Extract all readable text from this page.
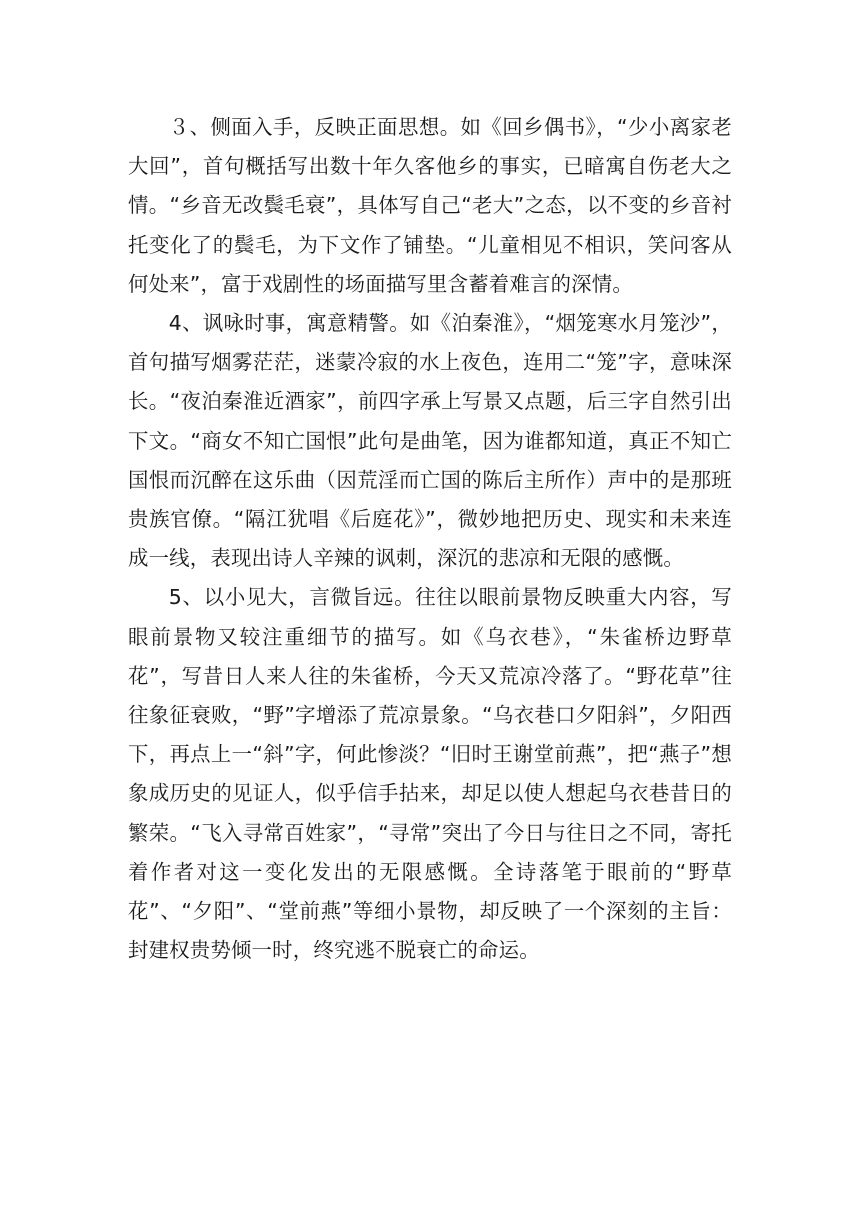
３、侧面入手，反映正面思想。如《回乡偶书》，“少小离家老大回”，首句概括写出数十年久客他乡的事实，已暗寓自伤老大之情。“乡音无改鬓毛衰”，具体写自己“老大”之态，以不变的乡音衬托变化了的鬓毛，为下文作了铺垫。“儿童相见不相识，笑问客从何处来”，富于戏剧性的场面描写里含蓄着难言的深情。

4、讽咏时事，寓意精警。如《泊秦淮》，“烟笼寒水月笼沙”，首句描写烟雾茫茫，迷蒙冷寂的水上夜色，连用二“笼”字，意味深长。“夜泊秦淮近酒家”，前四字承上写景又点题，后三字自然引出下文。“商女不知亡国恨”此句是曲笔，因为谁都知道，真正不知亡国恨而沉醉在这乐曲（因荒淫而亡国的陈后主所作）声中的是那班贵族官僚。“隔江犹唱《后庭花》”，微妙地把历史、现实和未来连成一线，表现出诗人辛辣的讽刺，深沉的悲凉和无限的感慨。

5、以小见大，言微旨远。往往以眼前景物反映重大内容，写眼前景物又较注重细节的描写。如《乌衣巷》，“朱雀桥边野草花”，写昔日人来人往的朱雀桥，今天又荒凉冷落了。“野花草”往往象征衰败，“野”字增添了荒凉景象。“乌衣巷口夕阳斜”，夕阳西下，再点上一“斜”字，何此惨淡？“旧时王谢堂前燕”，把“燕子”想象成历史的见证人，似乎信手拈来，却足以使人想起乌衣巷昔日的繁荣。“飞入寻常百姓家”，“寻常”突出了今日与往日之不同，寄托着作者对这一变化发出的无限感慨。全诗落笔于眼前的“野草花”、“夕阳”、“堂前燕”等细小景物，却反映了一个深刻的主旨：封建权贵势倾一时，终究逃不脱衰亡的命运。
